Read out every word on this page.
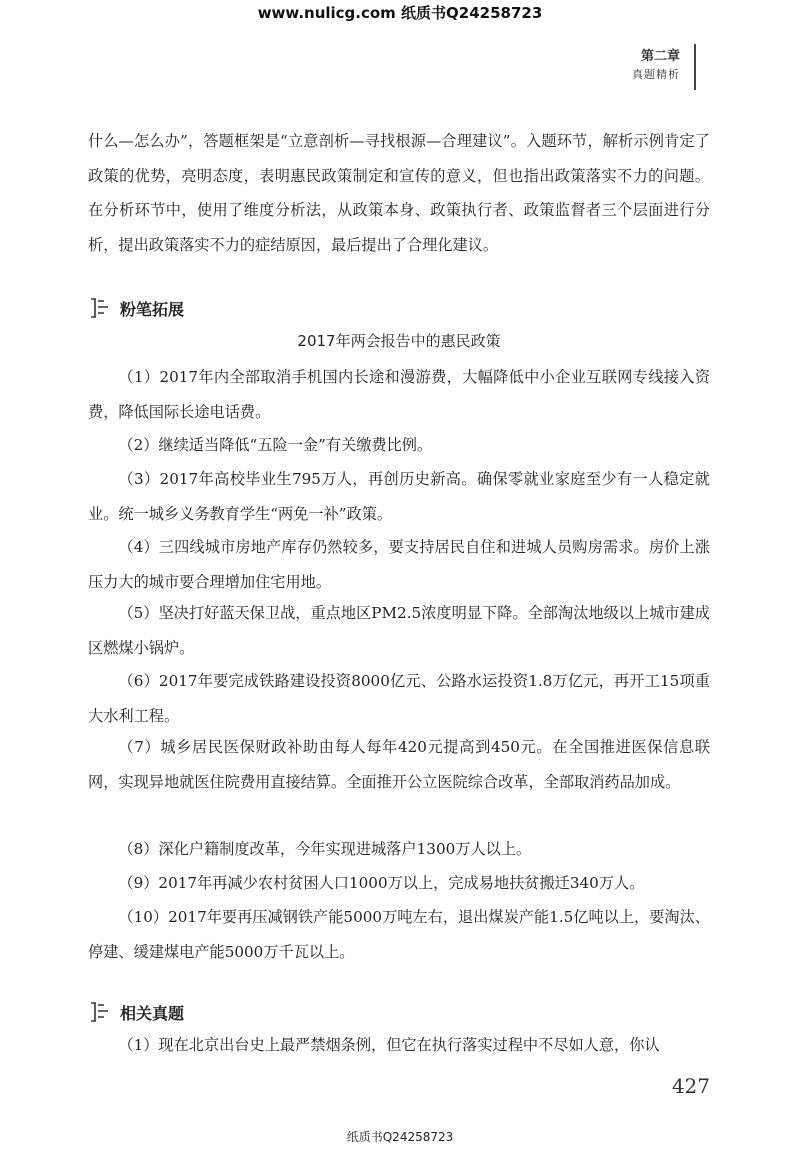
www.nulicg.com 纸质书Q24258723
第二章
真题精析

什么—怎么办”，答题框架是“立意剖析—寻找根源—合理建议”。入题环节，解析示例肯定了政策的优势，亮明态度，表明惠民政策制定和宣传的意义，但也指出政策落实不力的问题。在分析环节中，使用了维度分析法，从政策本身、政策执行者、政策监督者三个层面进行分析，提出政策落实不力的症结原因，最后提出了合理化建议。

粉笔拓展
2017年两会报告中的惠民政策

（1）2017年内全部取消手机国内长途和漫游费，大幅降低中小企业互联网专线接入资费，降低国际长途电话费。

（2）继续适当降低“五险一金”有关缴费比例。

（3）2017年高校毕业生795万人，再创历史新高。确保零就业家庭至少有一人稳定就业。统一城乡义务教育学生“两免一补”政策。

（4）三四线城市房地产库存仍然较多，要支持居民自住和进城人员购房需求。房价上涨压力大的城市要合理增加住宅用地。

（5）坚决打好蓝天保卫战，重点地区PM2.5浓度明显下降。全部淘汰地级以上城市建成区燃煤小锅炉。

（6）2017年要完成铁路建设投资8000亿元、公路水运投资1.8万亿元，再开工15项重大水利工程。

（7）城乡居民医保财政补助由每人每年420元提高到450元。在全国推进医保信息联网，实现异地就医住院费用直接结算。全面推开公立医院综合改革，全部取消药品加成。

（8）深化户籍制度改革，今年实现进城落户1300万人以上。

（9）2017年再减少农村贫困人口1000万以上，完成易地扶贫搬迁340万人。

（10）2017年要再压减钢铁产能5000万吨左右，退出煤炭产能1.5亿吨以上，要淘汰、停建、缓建煤电产能5000万千瓦以上。

相关真题

（1）现在北京出台史上最严禁烟条例，但它在执行落实过程中不尽如人意，你认

427
纸质书Q24258723
